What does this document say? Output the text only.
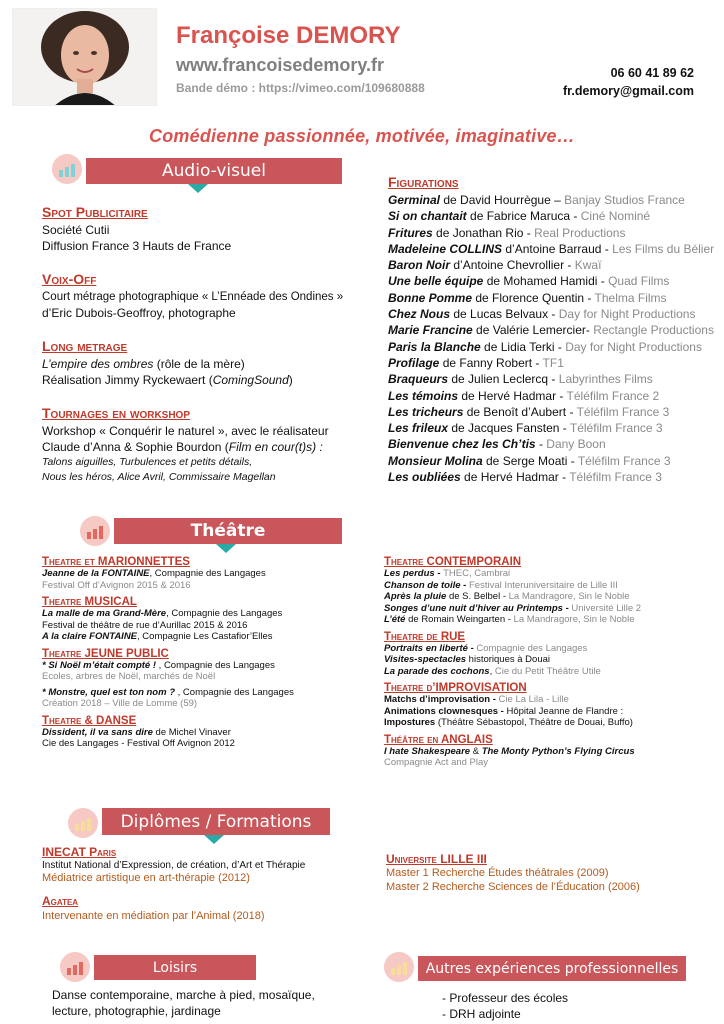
Françoise DEMORY
www.francoisedemory.fr
Bande démo : https://vimeo.com/109680888
06 60 41 89 62
fr.demory@gmail.com
Comédienne passionnée, motivée, imaginative…
Audio-visuel
Spot Publicitaire
Société Cutii
Diffusion France 3 Hauts de France
Voix-Off
Court métrage photographique « L’Ennéade des Ondines »
d’Eric Dubois-Geoffroy, photographe
Long metrage
L’empire des ombres (rôle de la mère)
Réalisation Jimmy Ryckewaert (ComingSound)
Tournages en workshop
Workshop « Conquérir le naturel », avec le réalisateur
Claude d’Anna & Sophie Bourdon (Film en cour(t)s) :
Talons aiguilles, Turbulences et petits détails,
Nous les héros, Alice Avril, Commissaire Magellan
Figurations
Germinal de David Hourrègue – Banjay Studios France
Si on chantait de Fabrice Maruca - Ciné Nominé
Fritures de Jonathan Rio - Real Productions
Madeleine COLLINS d’Antoine Barraud - Les Films du Bélier
Baron Noir d’Antoine Chevrollier - Kwaï
Une belle équipe de Mohamed Hamidi - Quad Films
Bonne Pomme de Florence Quentin - Thelma Films
Chez Nous de Lucas Belvaux - Day for Night Productions
Marie Francine de Valérie Lemercier- Rectangle Productions
Paris la Blanche de Lidia Terki - Day for Night Productions
Profilage de Fanny Robert - TF1
Braqueurs de Julien Leclercq - Labyrinthes Films
Les témoins de Hervé Hadmar - Téléfilm France 2
Les tricheurs de Benoît d’Aubert - Téléfilm France 3
Les frileux de Jacques Fansten - Téléfilm France 3
Bienvenue chez les Ch’tis - Dany Boon
Monsieur Molina de Serge Moati - Téléfilm France 3
Les oubliées de Hervé Hadmar - Téléfilm France 3
Théâtre
Theatre et MARIONNETTES
Jeanne de la FONTAINE, Compagnie des Langages
Festival Off d’Avignon 2015 & 2016
Theatre MUSICAL
La malle de ma Grand-Mère, Compagnie des Langages
Festival de théâtre de rue d’Aurillac 2015 & 2016
A la claire FONTAINE, Compagnie Les Castafior’Elles
Theatre JEUNE PUBLIC
* Si Noël m’était compté ! , Compagnie des Langages
Ecoles, arbres de Noël, marchés de Noël
* Monstre, quel est ton nom ? , Compagnie des Langages
Création 2018 – Ville de Lomme (59)
Theatre & DANSE
Dissident, il va sans dire de Michel Vinaver
Cie des Langages - Festival Off Avignon 2012
Theatre CONTEMPORAIN
Les perdus - THEC, Cambrai
Chanson de toile - Festival Interuniversitaire de Lille III
Après la pluie de S. Belbel - La Mandragore, Sin le Noble
Songes d’une nuit d’hiver au Printemps - Université Lille 2
L’été de Romain Weingarten - La Mandragore, Sin le Noble
Theatre de RUE
Portraits en liberté - Compagnie des Langages
Visites-spectacles historiques à Douai
La parade des cochons, Cie du Petit Théâtre Utile
Theatre d’IMPROVISATION
Matchs d’improvisation - Cie La Lila - Lille
Animations clownesques - Hôpital Jeanne de Flandre :
Impostures (Théâtre Sébastopol, Théâtre de Douai, Buffo)
Théâtre en ANGLAIS
I hate Shakespeare & The Monty Python’s Flying Circus
Compagnie Act and Play
Diplômes / Formations
INECAT Paris
Institut National d’Expression, de création, d’Art et Thérapie
Médiatrice artistique en art-thérapie (2012)
Agatea
Intervenante en médiation par l’Animal (2018)
Universite LILLE III
Master 1 Recherche Études théâtrales (2009)
Master 2 Recherche Sciences de l’Éducation (2006)
Loisirs
Danse contemporaine, marche à pied, mosaïque,
lecture, photographie, jardinage
Autres expériences professionnelles
- Professeur des écoles
- DRH adjointe
